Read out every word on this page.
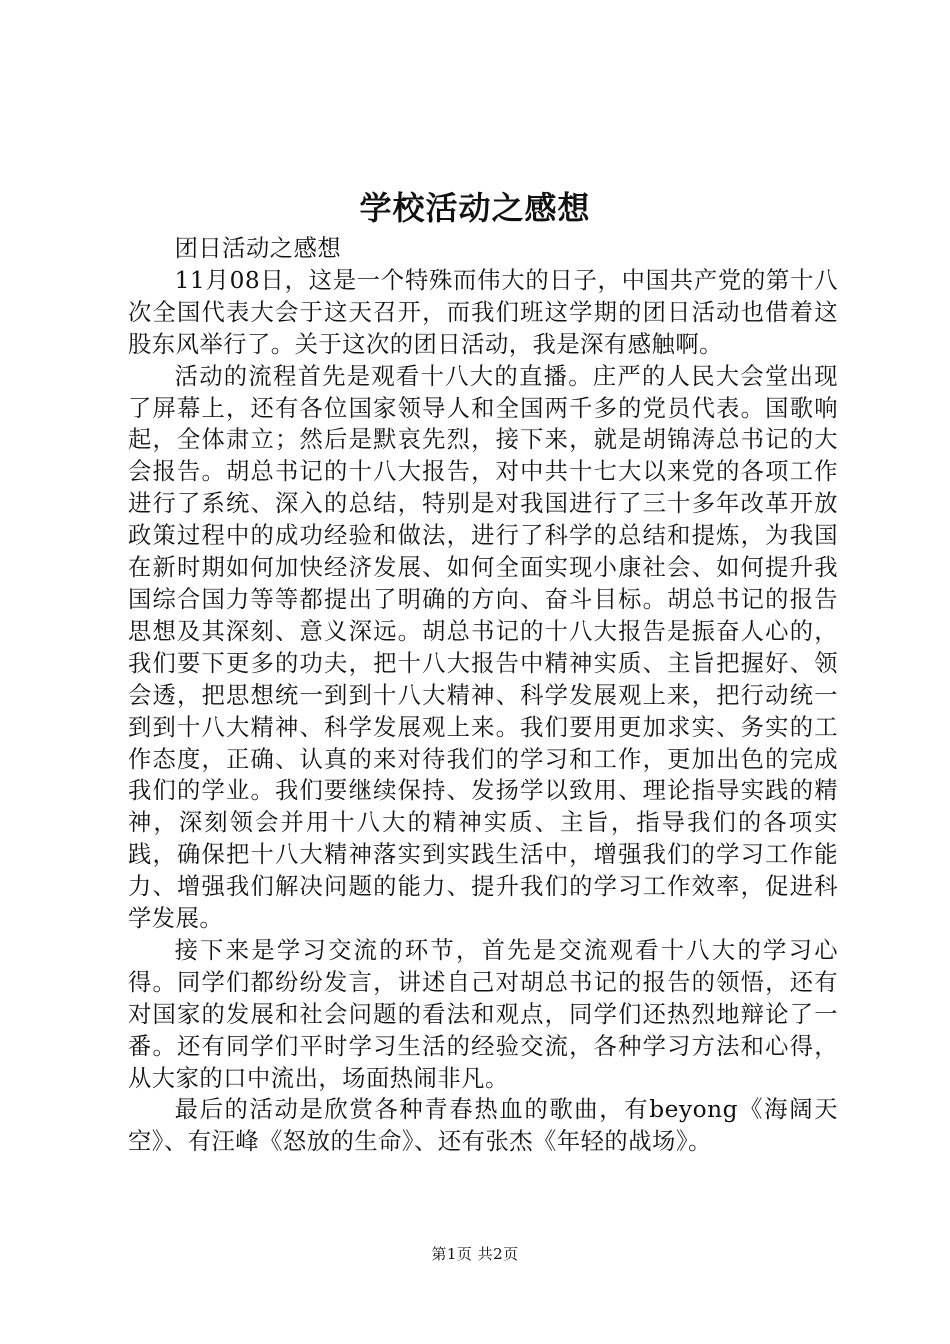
学校活动之感想

团日活动之感想

11月08日，这是一个特殊而伟大的日子，中国共产党的第十八次全国代表大会于这天召开，而我们班这学期的团日活动也借着这股东风举行了。关于这次的团日活动，我是深有感触啊。

活动的流程首先是观看十八大的直播。庄严的人民大会堂出现了屏幕上，还有各位国家领导人和全国两千多的党员代表。国歌响起，全体肃立；然后是默哀先烈，接下来，就是胡锦涛总书记的大会报告。胡总书记的十八大报告，对中共十七大以来党的各项工作进行了系统、深入的总结，特别是对我国进行了三十多年改革开放政策过程中的成功经验和做法，进行了科学的总结和提炼，为我国在新时期如何加快经济发展、如何全面实现小康社会、如何提升我国综合国力等等都提出了明确的方向、奋斗目标。胡总书记的报告思想及其深刻、意义深远。胡总书记的十八大报告是振奋人心的，我们要下更多的功夫，把十八大报告中精神实质、主旨把握好、领会透，把思想统一到到十八大精神、科学发展观上来，把行动统一到到十八大精神、科学发展观上来。我们要用更加求实、务实的工作态度，正确、认真的来对待我们的学习和工作，更加出色的完成我们的学业。我们要继续保持、发扬学以致用、理论指导实践的精神，深刻领会并用十八大的精神实质、主旨，指导我们的各项实践，确保把十八大精神落实到实践生活中，增强我们的学习工作能力、增强我们解决问题的能力、提升我们的学习工作效率，促进科学发展。

接下来是学习交流的环节，首先是交流观看十八大的学习心得。同学们都纷纷发言，讲述自己对胡总书记的报告的领悟，还有对国家的发展和社会问题的看法和观点，同学们还热烈地辩论了一番。还有同学们平时学习生活的经验交流，各种学习方法和心得，从大家的口中流出，场面热闹非凡。

最后的活动是欣赏各种青春热血的歌曲，有beyong《海阔天空》、有汪峰《怒放的生命》、还有张杰《年轻的战场》。

第1页 共2页
